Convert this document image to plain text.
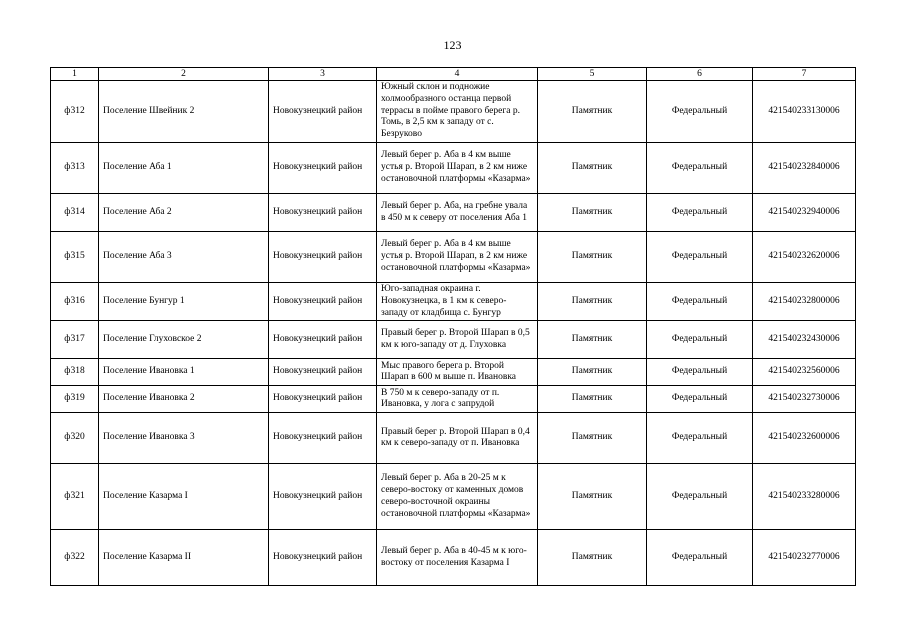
123
1	2	3	4	5	6	7
ф312	Поселение Швейник 2	Новокузнецкий район	Южный склон и подножие холмообразного останца первой террасы в пойме правого берега р. Томь, в 2,5 км к западу от с. Безруково	Памятник	Федеральный	421540233130006
ф313	Поселение Аба 1	Новокузнецкий район	Левый берег р. Аба в 4 км выше устья р. Второй Шарап, в 2 км ниже остановочной платформы «Казарма»	Памятник	Федеральный	421540232840006
ф314	Поселение Аба 2	Новокузнецкий район	Левый берег р. Аба, на гребне увала в 450 м к северу от поселения Аба 1	Памятник	Федеральный	421540232940006
ф315	Поселение Аба 3	Новокузнецкий район	Левый берег р. Аба в 4 км выше устья р. Второй Шарап, в 2 км ниже остановочной платформы «Казарма»	Памятник	Федеральный	421540232620006
ф316	Поселение Бунгур 1	Новокузнецкий район	Юго-западная окраина г. Новокузнецка, в 1 км к северо-западу от кладбища с. Бунгур	Памятник	Федеральный	421540232800006
ф317	Поселение Глуховское 2	Новокузнецкий район	Правый берег р. Второй Шарап в 0,5 км к юго-западу от д. Глуховка	Памятник	Федеральный	421540232430006
ф318	Поселение Ивановка 1	Новокузнецкий район	Мыс правого берега р. Второй Шарап в 600 м выше п. Ивановка	Памятник	Федеральный	421540232560006
ф319	Поселение Ивановка 2	Новокузнецкий район	В 750 м к северо-западу от п. Ивановка, у лога с запрудой	Памятник	Федеральный	421540232730006
ф320	Поселение Ивановка 3	Новокузнецкий район	Правый берег р. Второй Шарап в 0,4 км к северо-западу от п. Ивановка	Памятник	Федеральный	421540232600006
ф321	Поселение Казарма I	Новокузнецкий район	Левый берег р. Аба в 20-25 м к северо-востоку от каменных домов северо-восточной окраины остановочной платформы «Казарма»	Памятник	Федеральный	421540233280006
ф322	Поселение Казарма II	Новокузнецкий район	Левый берег р. Аба в 40-45 м к юго-востоку от поселения Казарма I	Памятник	Федеральный	421540232770006
